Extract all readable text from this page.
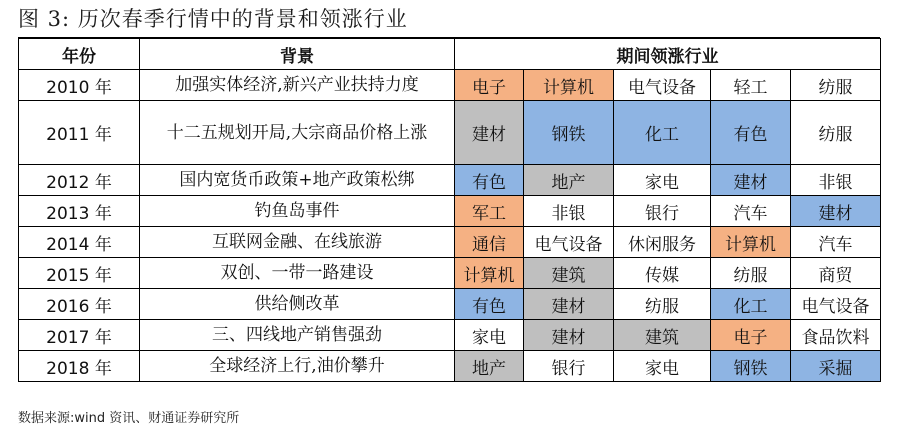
图 3: 历次春季行情中的背景和领涨行业
年份	背景	期间领涨行业				
2010 年	加强实体经济,新兴产业扶持力度	电子	计算机	电气设备	轻工	纺服
2011 年	十二五规划开局,大宗商品价格上涨	建材	钢铁	化工	有色	纺服
2012 年	国内宽货币政策+地产政策松绑	有色	地产	家电	建材	非银
2013 年	钓鱼岛事件	军工	非银	银行	汽车	建材
2014 年	互联网金融、在线旅游	通信	电气设备	休闲服务	计算机	汽车
2015 年	双创、一带一路建设	计算机	建筑	传媒	纺服	商贸
2016 年	供给侧改革	有色	建材	纺服	化工	电气设备
2017 年	三、四线地产销售强劲	家电	建材	建筑	电子	食品饮料
2018 年	全球经济上行,油价攀升	地产	银行	家电	钢铁	采掘
数据来源:wind 资讯、财通证券研究所
